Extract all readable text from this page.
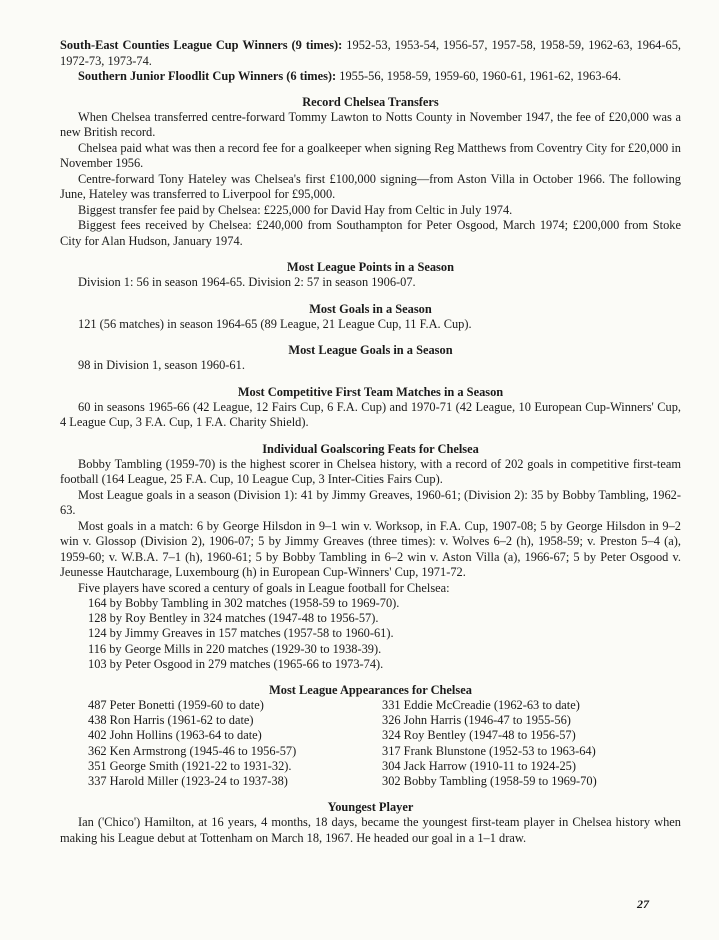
South-East Counties League Cup Winners (9 times): 1952-53, 1953-54, 1956-57, 1957-58, 1958-59, 1962-63, 1964-65, 1972-73, 1973-74.

Southern Junior Floodlit Cup Winners (6 times): 1955-56, 1958-59, 1959-60, 1960-61, 1961-62, 1963-64.

Record Chelsea Transfers

When Chelsea transferred centre-forward Tommy Lawton to Notts County in November 1947, the fee of £20,000 was a new British record.

Chelsea paid what was then a record fee for a goalkeeper when signing Reg Matthews from Coventry City for £20,000 in November 1956.

Centre-forward Tony Hateley was Chelsea's first £100,000 signing—from Aston Villa in October 1966. The following June, Hateley was transferred to Liverpool for £95,000.

Biggest transfer fee paid by Chelsea: £225,000 for David Hay from Celtic in July 1974.

Biggest fees received by Chelsea: £240,000 from Southampton for Peter Osgood, March 1974; £200,000 from Stoke City for Alan Hudson, January 1974.

Most League Points in a Season

Division 1: 56 in season 1964-65. Division 2: 57 in season 1906-07.

Most Goals in a Season

121 (56 matches) in season 1964-65 (89 League, 21 League Cup, 11 F.A. Cup).

Most League Goals in a Season

98 in Division 1, season 1960-61.

Most Competitive First Team Matches in a Season

60 in seasons 1965-66 (42 League, 12 Fairs Cup, 6 F.A. Cup) and 1970-71 (42 League, 10 European Cup-Winners' Cup, 4 League Cup, 3 F.A. Cup, 1 F.A. Charity Shield).

Individual Goalscoring Feats for Chelsea

Bobby Tambling (1959-70) is the highest scorer in Chelsea history, with a record of 202 goals in competitive first-team football (164 League, 25 F.A. Cup, 10 League Cup, 3 Inter-Cities Fairs Cup).

Most League goals in a season (Division 1): 41 by Jimmy Greaves, 1960-61; (Division 2): 35 by Bobby Tambling, 1962-63.

Most goals in a match: 6 by George Hilsdon in 9–1 win v. Worksop, in F.A. Cup, 1907-08; 5 by George Hilsdon in 9–2 win v. Glossop (Division 2), 1906-07; 5 by Jimmy Greaves (three times): v. Wolves 6–2 (h), 1958-59; v. Preston 5–4 (a), 1959-60; v. W.B.A. 7–1 (h), 1960-61; 5 by Bobby Tambling in 6–2 win v. Aston Villa (a), 1966-67; 5 by Peter Osgood v. Jeunesse Hautcharage, Luxembourg (h) in European Cup-Winners' Cup, 1971-72.

Five players have scored a century of goals in League football for Chelsea:

164 by Bobby Tambling in 302 matches (1958-59 to 1969-70).
128 by Roy Bentley in 324 matches (1947-48 to 1956-57).
124 by Jimmy Greaves in 157 matches (1957-58 to 1960-61).
116 by George Mills in 220 matches (1929-30 to 1938-39).
103 by Peter Osgood in 279 matches (1965-66 to 1973-74).
Most League Appearances for Chelsea
487 Peter Bonetti (1959-60 to date)
438 Ron Harris (1961-62 to date)
402 John Hollins (1963-64 to date)
362 Ken Armstrong (1945-46 to 1956-57)
351 George Smith (1921-22 to 1931-32).
337 Harold Miller (1923-24 to 1937-38)
331 Eddie McCreadie (1962-63 to date)
326 John Harris (1946-47 to 1955-56)
324 Roy Bentley (1947-48 to 1956-57)
317 Frank Blunstone (1952-53 to 1963-64)
304 Jack Harrow (1910-11 to 1924-25)
302 Bobby Tambling (1958-59 to 1969-70)
Youngest Player

Ian ('Chico') Hamilton, at 16 years, 4 months, 18 days, became the youngest first-team player in Chelsea history when making his League debut at Tottenham on March 18, 1967. He headed our goal in a 1–1 draw.

27
